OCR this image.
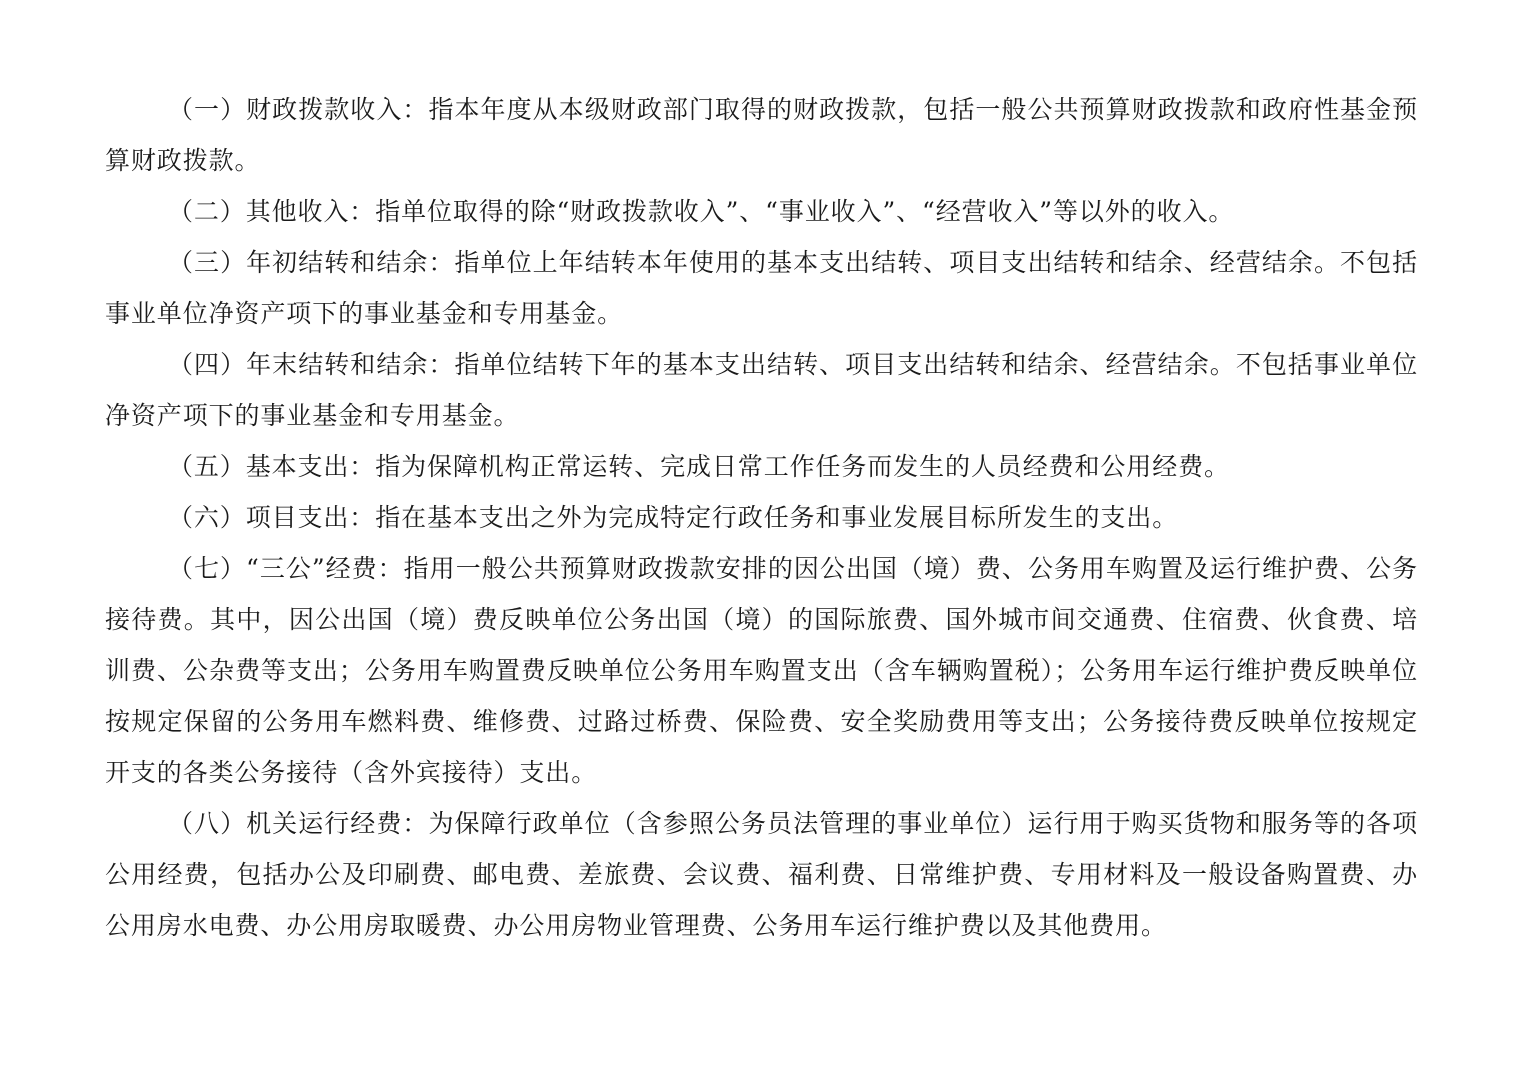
（一）财政拨款收入：指本年度从本级财政部门取得的财政拨款，包括一般公共预算财政拨款和政府性基金预算财政拨款。

（二）其他收入：指单位取得的除“财政拨款收入”、“事业收入”、“经营收入”等以外的收入。

（三）年初结转和结余：指单位上年结转本年使用的基本支出结转、项目支出结转和结余、经营结余。不包括事业单位净资产项下的事业基金和专用基金。

（四）年末结转和结余：指单位结转下年的基本支出结转、项目支出结转和结余、经营结余。不包括事业单位净资产项下的事业基金和专用基金。

（五）基本支出：指为保障机构正常运转、完成日常工作任务而发生的人员经费和公用经费。

（六）项目支出：指在基本支出之外为完成特定行政任务和事业发展目标所发生的支出。

（七）“三公”经费：指用一般公共预算财政拨款安排的因公出国（境）费、公务用车购置及运行维护费、公务接待费。其中，因公出国（境）费反映单位公务出国（境）的国际旅费、国外城市间交通费、住宿费、伙食费、培训费、公杂费等支出；公务用车购置费反映单位公务用车购置支出（含车辆购置税）；公务用车运行维护费反映单位按规定保留的公务用车燃料费、维修费、过路过桥费、保险费、安全奖励费用等支出；公务接待费反映单位按规定开支的各类公务接待（含外宾接待）支出。

（八）机关运行经费：为保障行政单位（含参照公务员法管理的事业单位）运行用于购买货物和服务等的各项公用经费，包括办公及印刷费、邮电费、差旅费、会议费、福利费、日常维护费、专用材料及一般设备购置费、办公用房水电费、办公用房取暖费、办公用房物业管理费、公务用车运行维护费以及其他费用。
